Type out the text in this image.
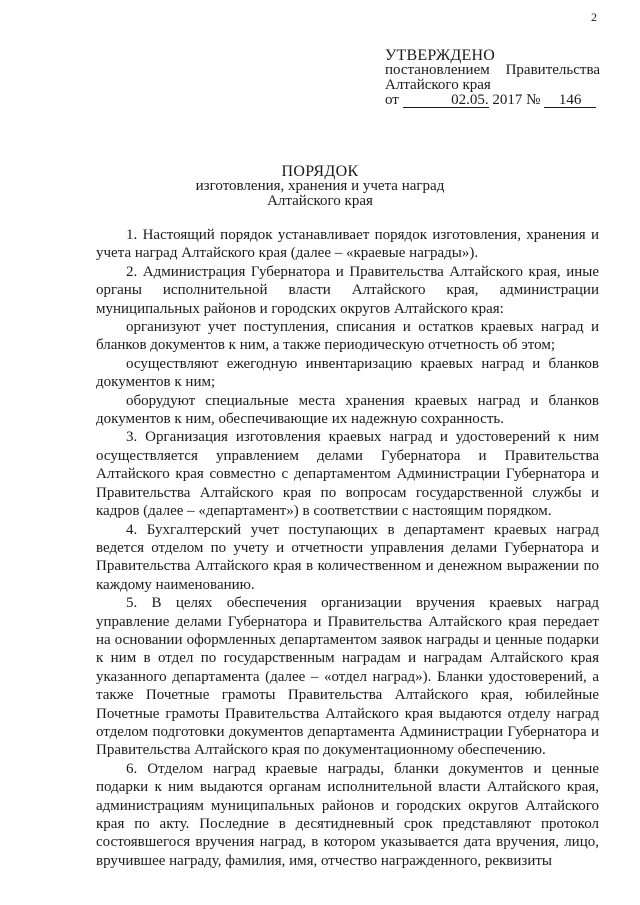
2
УТВЕРЖДЕНО
постановлением Правительства
Алтайского края
от	02.05. 2017 № 146
ПОРЯДОК
изготовления, хранения и учета наград
Алтайского края

1. Настоящий порядок устанавливает порядок изготовления, хранения и учета наград Алтайского края (далее – «краевые награды»).

2. Администрация Губернатора и Правительства Алтайского края, иные органы исполнительной власти Алтайского края, администрации муниципальных районов и городских округов Алтайского края:

организуют учет поступления, списания и остатков краевых наград и бланков документов к ним, а также периодическую отчетность об этом;

осуществляют ежегодную инвентаризацию краевых наград и бланков документов к ним;

оборудуют специальные места хранения краевых наград и бланков документов к ним, обеспечивающие их надежную сохранность.

3. Организация изготовления краевых наград и удостоверений к ним осуществляется управлением делами Губернатора и Правительства Алтайского края совместно с департаментом Администрации Губернатора и Правительства Алтайского края по вопросам государственной службы и кадров (далее – «департамент») в соответствии с настоящим порядком.

4. Бухгалтерский учет поступающих в департамент краевых наград ведется отделом по учету и отчетности управления делами Губернатора и Правительства Алтайского края в количественном и денежном выражении по каждому наименованию.

5. В целях обеспечения организации вручения краевых наград управление делами Губернатора и Правительства Алтайского края передает на основании оформленных департаментом заявок награды и ценные подарки к ним в отдел по государственным наградам и наградам Алтайского края указанного департамента (далее – «отдел наград»). Бланки удостоверений, а также Почетные грамоты Правительства Алтайского края, юбилейные Почетные грамоты Правительства Алтайского края выдаются отделу наград отделом подготовки документов департамента Администрации Губернатора и Правительства Алтайского края по документационному обеспечению.

6. Отделом наград краевые награды, бланки документов и ценные подарки к ним выдаются органам исполнительной власти Алтайского края, администрациям муниципальных районов и городских округов Алтайского края по акту. Последние в десятидневный срок представляют протокол состоявшегося вручения наград, в котором указывается дата вручения, лицо, вручившее награду, фамилия, имя, отчество награжденного, реквизиты
